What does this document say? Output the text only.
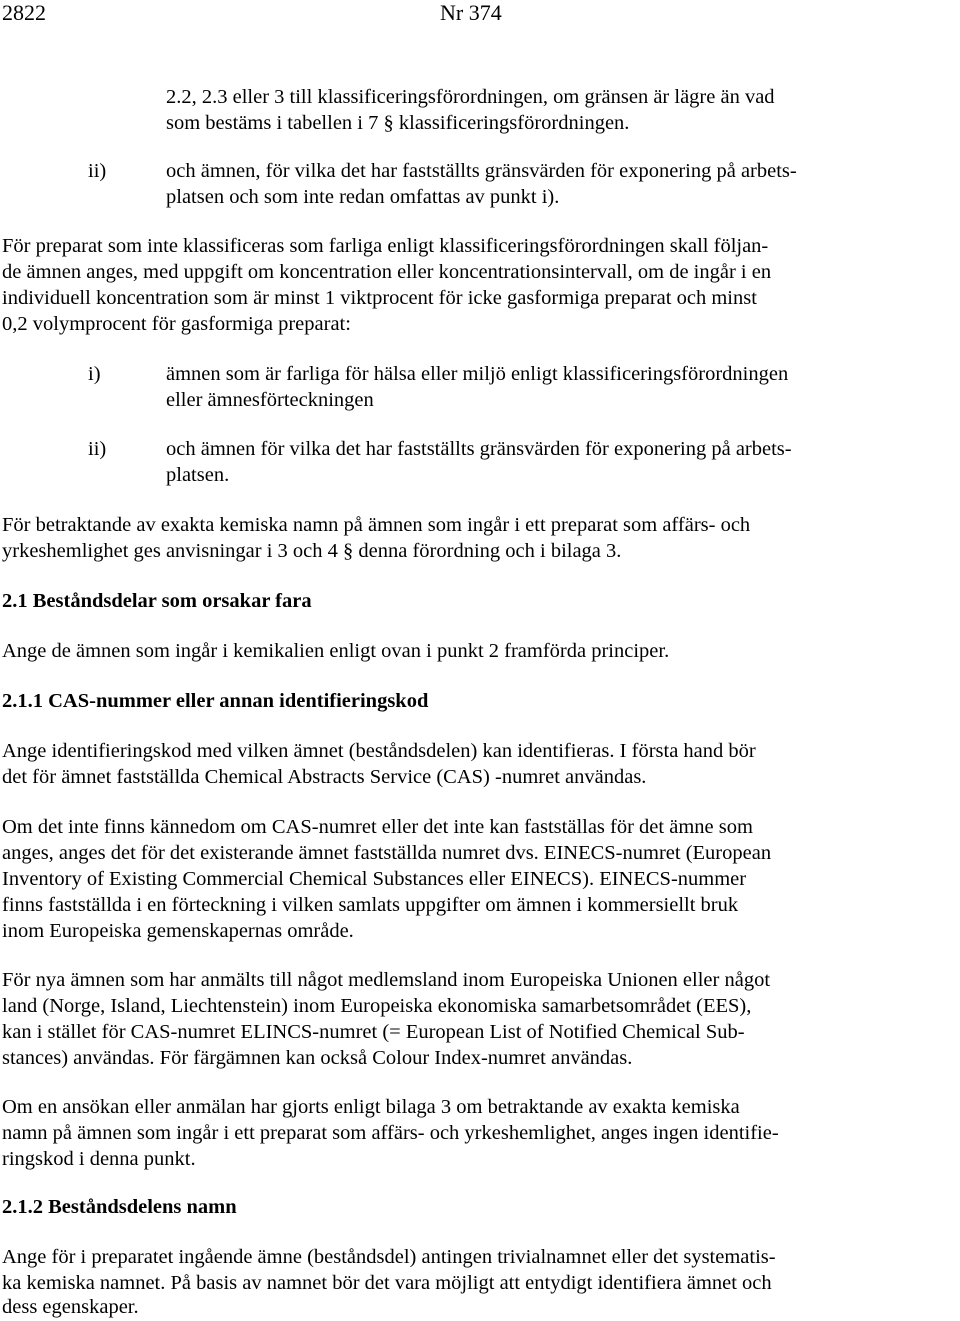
2822	Nr 374
2.2, 2.3 eller 3 till klassificeringsförordningen, om gränsen är lägre än vad
som bestäms i tabellen i 7 § klassificeringsförordningen.
ii)	och ämnen, för vilka det har fastställts gränsvärden för exponering på arbets-
platsen och som inte redan omfattas av punkt i).
För preparat som inte klassificeras som farliga enligt klassificeringsförordningen skall följan-
de ämnen anges, med uppgift om koncentration eller koncentrationsintervall, om de ingår i en
individuell koncentration som är minst 1 viktprocent för icke gasformiga preparat och minst
0,2 volymprocent för gasformiga preparat:
i)	ämnen som är farliga för hälsa eller miljö enligt klassificeringsförordningen
eller ämnesförteckningen
ii)	och ämnen för vilka det har fastställts gränsvärden för exponering på arbets-
platsen.
För betraktande av exakta kemiska namn på ämnen som ingår i ett preparat som affärs- och
yrkeshemlighet ges anvisningar i 3 och 4 § denna förordning och i bilaga 3.
2.1 Beståndsdelar som orsakar fara
Ange de ämnen som ingår i kemikalien enligt ovan i punkt 2 framförda principer.
2.1.1 CAS-nummer eller annan identifieringskod
Ange identifieringskod med vilken ämnet (beståndsdelen) kan identifieras. I första hand bör
det för ämnet fastställda Chemical Abstracts Service (CAS) -numret användas.
Om det inte finns kännedom om CAS-numret eller det inte kan fastställas för det ämne som
anges, anges det för det existerande ämnet fastställda numret dvs. EINECS-numret (European
Inventory of Existing Commercial Chemical Substances eller EINECS). EINECS-nummer
finns fastställda i en förteckning i vilken samlats uppgifter om ämnen i kommersiellt bruk
inom Europeiska gemenskapernas område.
För nya ämnen som har anmälts till något medlemsland inom Europeiska Unionen eller något
land (Norge, Island, Liechtenstein) inom Europeiska ekonomiska samarbetsområdet (EES),
kan i stället för CAS-numret ELINCS-numret (= European List of Notified Chemical Sub-
stances) användas. För färgämnen kan också Colour Index-numret användas.
Om en ansökan eller anmälan har gjorts enligt bilaga 3 om betraktande av exakta kemiska
namn på ämnen som ingår i ett preparat som affärs- och yrkeshemlighet, anges ingen identifie-
ringskod i denna punkt.
2.1.2 Beståndsdelens namn
Ange för i preparatet ingående ämne (beståndsdel) antingen trivialnamnet eller det systematis-
ka kemiska namnet. På basis av namnet bör det vara möjligt att entydigt identifiera ämnet och
dess egenskaper.
